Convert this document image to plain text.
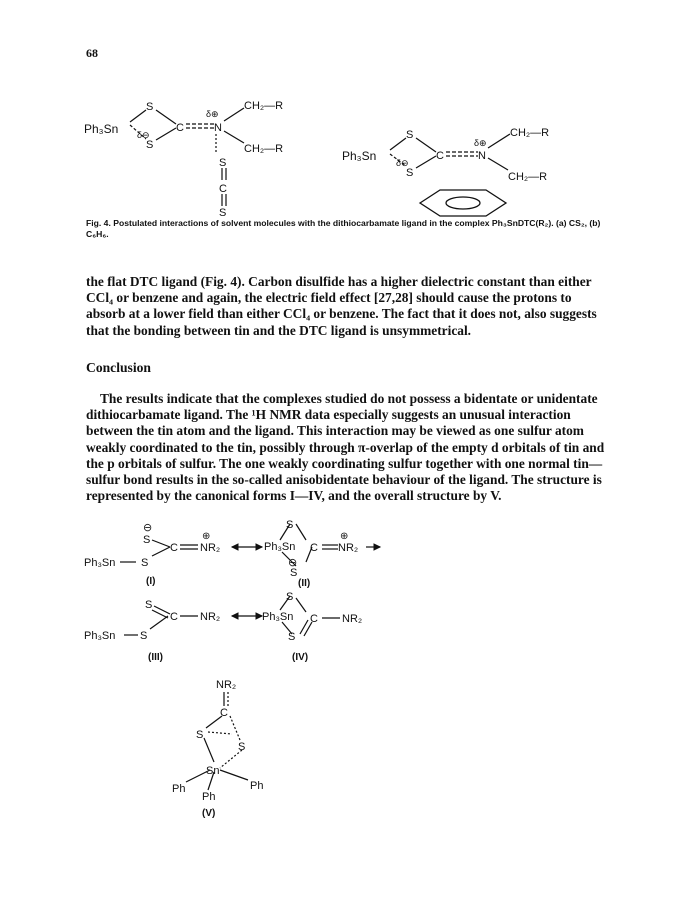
68
Ph₃Sn
S
S
δ⊖
C
δ⊕
N
CH₂—R
CH₂—R
S
C
S
Ph₃Sn
S
S
δ⊖
C
δ⊕
N
CH₂—R
CH₂—R
Ph₃Sn S
⊖
S
C
⊕
NR₂
(I)
Ph₃Sn
S
C
⊕
NR₂
⊖
S
(II)
Ph₃Sn S
S
C NR₂
(III)
Ph₃Sn
S
C NR₂
S
(IV)
NR₂
C
S
S
Sn
Ph
Ph
Ph
(V)
Fig. 4. Postulated interactions of solvent molecules with the dithiocarbamate ligand in the complex Ph₃SnDTC(R₂). (a) CS₂, (b) C₆H₆.
the flat DTC ligand (Fig. 4). Carbon disulfide has a higher dielectric constant than either CCl₄ or benzene and again, the electric field effect [27,28] should cause the protons to absorb at a lower field than either CCl₄ or benzene. The fact that it does not, also suggests that the bonding between tin and the DTC ligand is unsymmetrical.
Conclusion
The results indicate that the complexes studied do not possess a bidentate or unidentate dithiocarbamate ligand. The ¹H NMR data especially suggests an unusual interaction between the tin atom and the ligand. This interaction may be viewed as one sulfur atom weakly coordinated to the tin, possibly through π-overlap of the empty d orbitals of tin and the p orbitals of sulfur. The one weakly coordinating sulfur together with one normal tin—sulfur bond results in the so-called anisobidentate behaviour of the ligand. The structure is represented by the canonical forms I—IV, and the overall structure by V.
